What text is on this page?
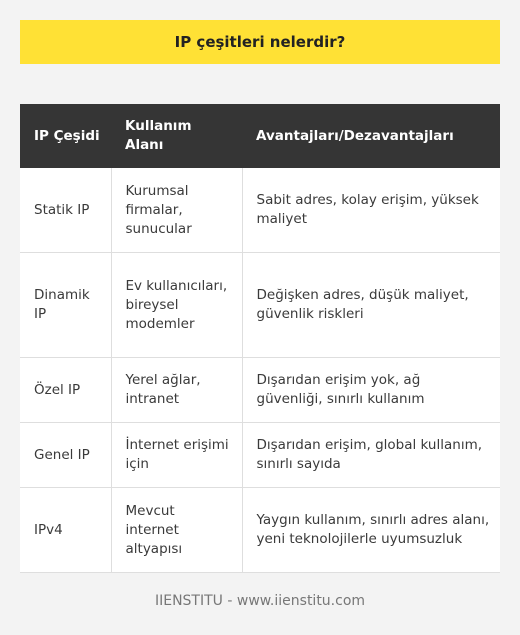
IP çeşitleri nelerdir?
IP Çeşidi	Kullanım Alanı	Avantajları/Dezavantajları
Statik IP	Kurumsal firmalar, sunucular	Sabit adres, kolay erişim, yüksek maliyet
Dinamik IP	Ev kullanıcıları, bireysel modemler	Değişken adres, düşük maliyet, güvenlik riskleri
Özel IP	Yerel ağlar, intranet	Dışarıdan erişim yok, ağ güvenliği, sınırlı kullanım
Genel IP	İnternet erişimi için	Dışarıdan erişim, global kullanım, sınırlı sayıda
IPv4	Mevcut internet altyapısı	Yaygın kullanım, sınırlı adres alanı, yeni teknolojilerle uyumsuzluk
IIENSTITU - www.iienstitu.com
